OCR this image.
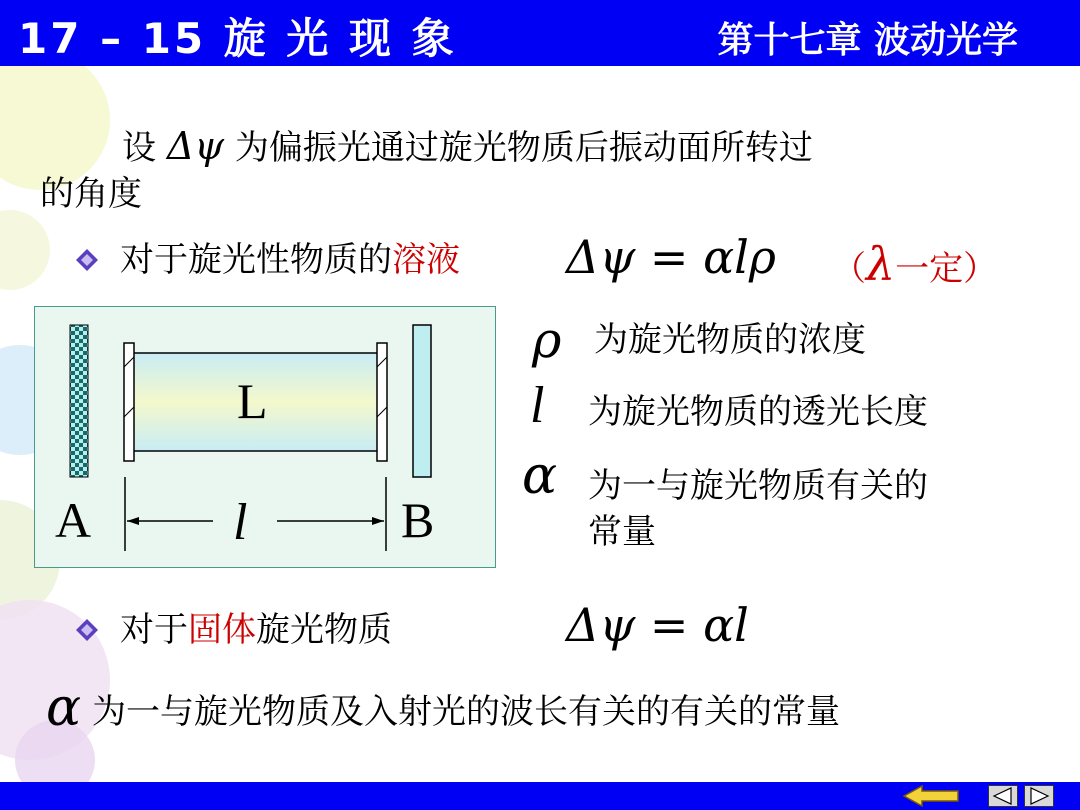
17 – 15 旋 光 现 象	第十七章 波动光学
设 Δψ 为偏振光通过旋光物质后振动面所转过
的角度
对于旋光性物质的溶液 Δψ = αlρ （λ一定）
L
A	B
l
ρ 为旋光物质的浓度
l 为旋光物质的透光长度
α 为一与旋光物质有关的
常量
对于固体旋光物质	Δψ = αl
α 为一与旋光物质及入射光的波长有关的有关的常量
